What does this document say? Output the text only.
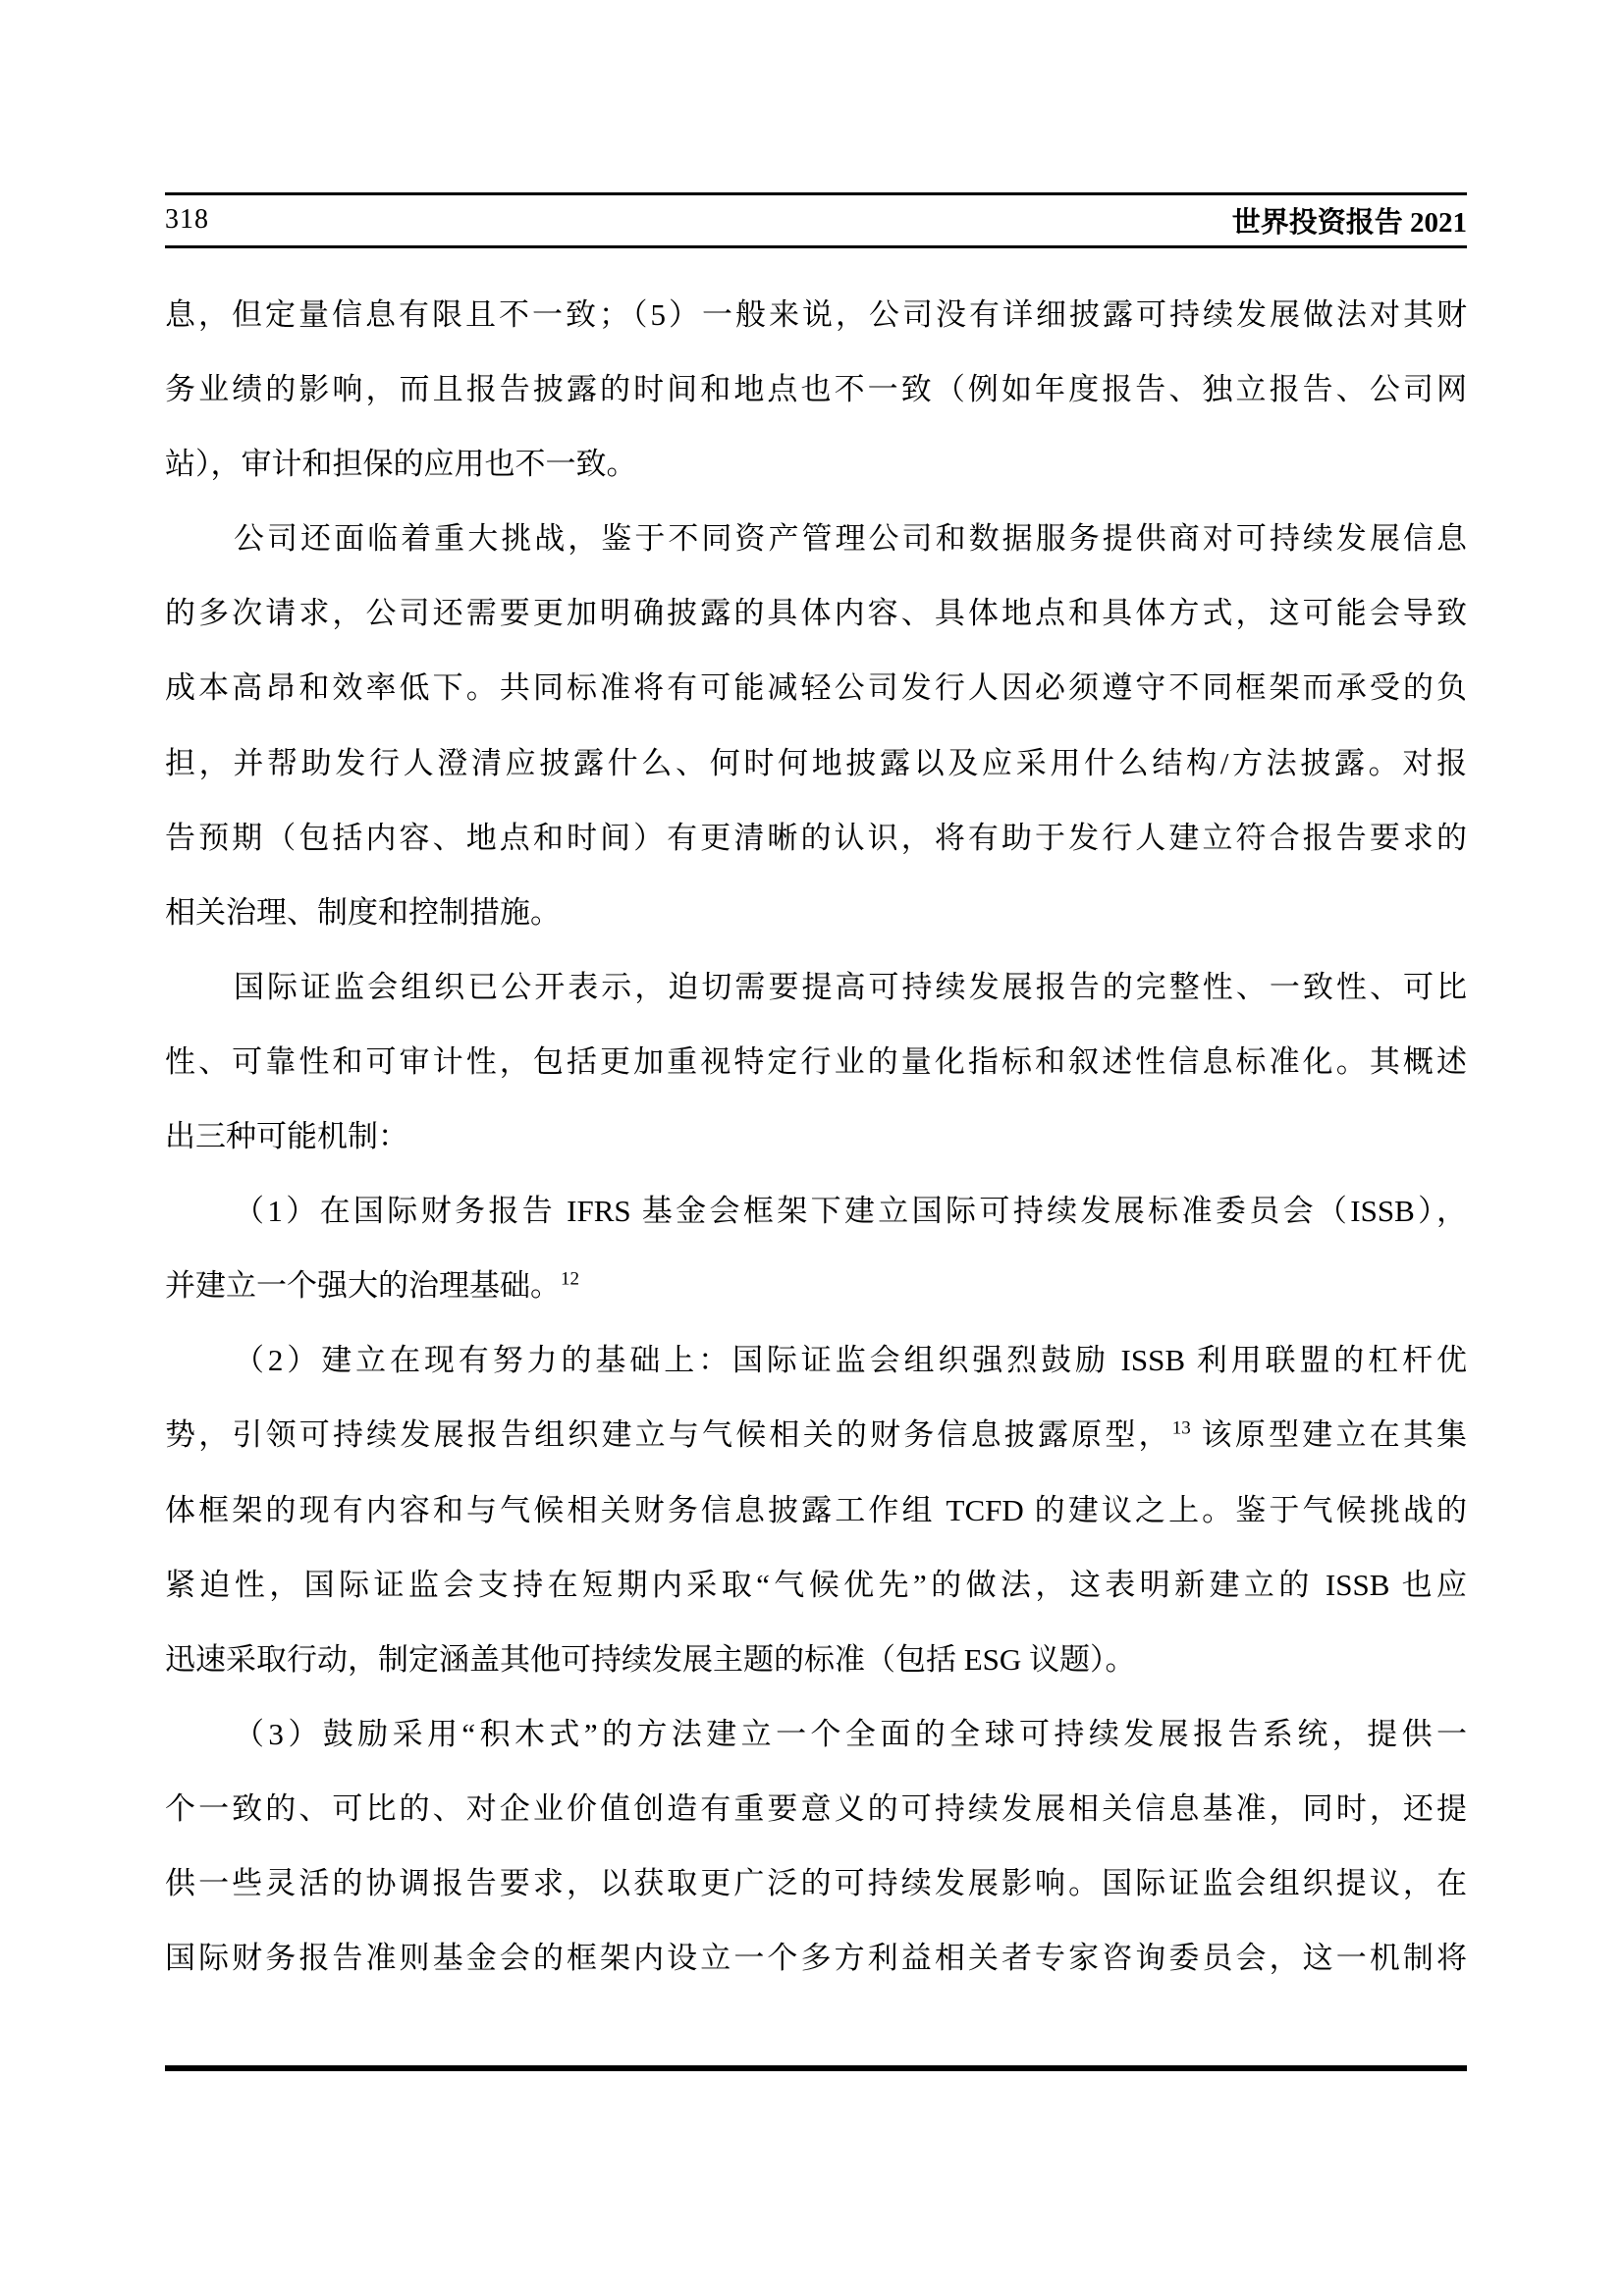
318	世界投资报告 2021
息，但定量信息有限且不一致；（5）一般来说，公司没有详细披露可持续发展做法对其财
务业绩的影响，而且报告披露的时间和地点也不一致（例如年度报告、独立报告、公司网
站），审计和担保的应用也不一致。
公司还面临着重大挑战，鉴于不同资产管理公司和数据服务提供商对可持续发展信息
的多次请求，公司还需要更加明确披露的具体内容、具体地点和具体方式，这可能会导致
成本高昂和效率低下。共同标准将有可能减轻公司发行人因必须遵守不同框架而承受的负
担，并帮助发行人澄清应披露什么、何时何地披露以及应采用什么结构/方法披露。对报
告预期（包括内容、地点和时间）有更清晰的认识，将有助于发行人建立符合报告要求的
相关治理、制度和控制措施。
国际证监会组织已公开表示，迫切需要提高可持续发展报告的完整性、一致性、可比
性、可靠性和可审计性，包括更加重视特定行业的量化指标和叙述性信息标准化。其概述
出三种可能机制：
（1）在国际财务报告 IFRS 基金会框架下建立国际可持续发展标准委员会（ISSB），
并建立一个强大的治理基础。$^{12}$
（2）建立在现有努力的基础上：国际证监会组织强烈鼓励 ISSB 利用联盟的杠杆优
势，引领可持续发展报告组织建立与气候相关的财务信息披露原型，$^{13}$ 该原型建立在其集
体框架的现有内容和与气候相关财务信息披露工作组 TCFD 的建议之上。鉴于气候挑战的
紧迫性，国际证监会支持在短期内采取“气候优先”的做法，这表明新建立的 ISSB 也应
迅速采取行动，制定涵盖其他可持续发展主题的标准（包括 ESG 议题）。
（3）鼓励采用“积木式”的方法建立一个全面的全球可持续发展报告系统，提供一
个一致的、可比的、对企业价值创造有重要意义的可持续发展相关信息基准，同时，还提
供一些灵活的协调报告要求，以获取更广泛的可持续发展影响。国际证监会组织提议，在
国际财务报告准则基金会的框架内设立一个多方利益相关者专家咨询委员会，这一机制将
